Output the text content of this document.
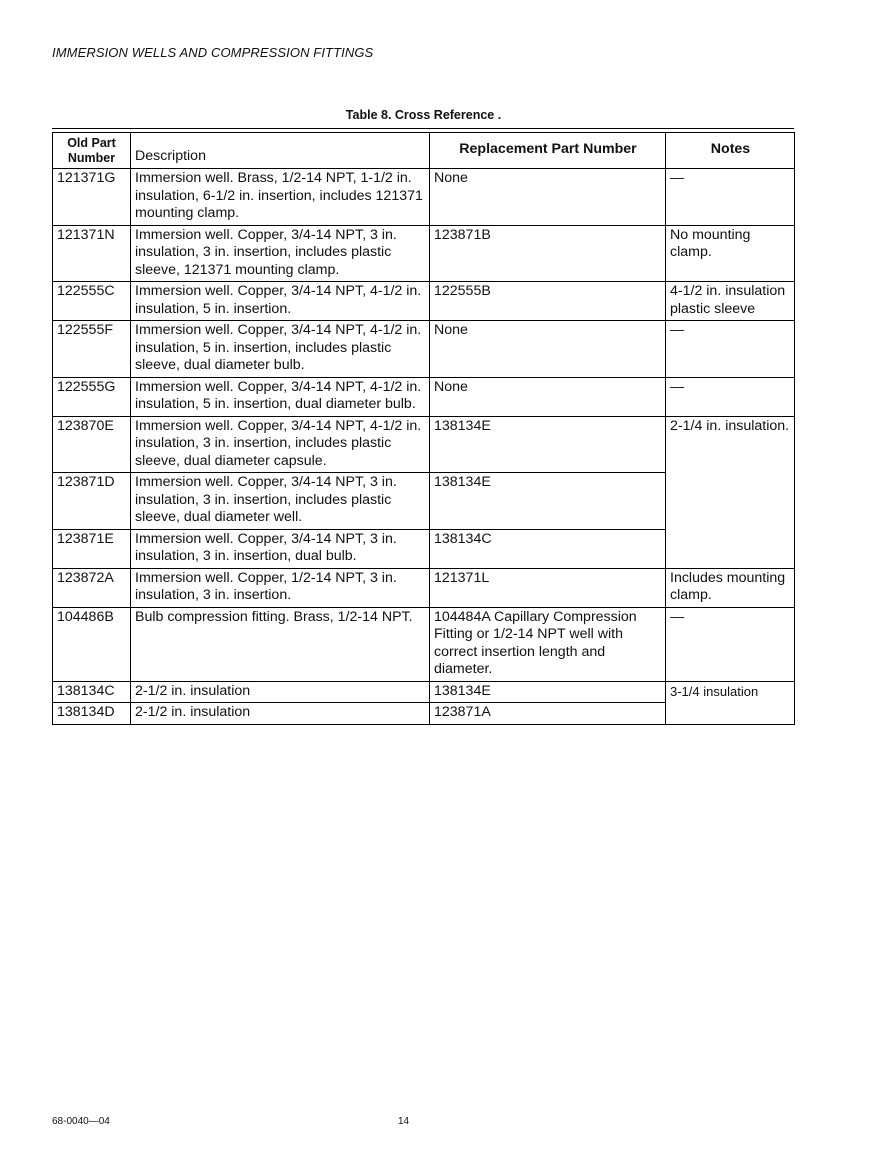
IMMERSION WELLS AND COMPRESSION FITTINGS
Table 8. Cross Reference .
Old Part
Number	Description	Replacement Part Number	Notes
121371G	Immersion well. Brass, 1/2-14 NPT, 1-1/2 in. insulation, 6-1/2 in. insertion, includes 121371 mounting clamp.	None	—
121371N	Immersion well. Copper, 3/4-14 NPT, 3 in. insulation, 3 in. insertion, includes plastic sleeve, 121371 mounting clamp.	123871B	No mounting clamp.
122555C	Immersion well. Copper, 3/4-14 NPT, 4-1/2 in. insulation, 5 in. insertion.	122555B	4-1/2 in. insulation plastic sleeve
122555F	Immersion well. Copper, 3/4-14 NPT, 4-1/2 in. insulation, 5 in. insertion, includes plastic sleeve, dual diameter bulb.	None	—
122555G	Immersion well. Copper, 3/4-14 NPT, 4-1/2 in. insulation, 5 in. insertion, dual diameter bulb.	None	—
123870E	Immersion well. Copper, 3/4-14 NPT, 4-1/2 in. insulation, 3 in. insertion, includes plastic sleeve, dual diameter capsule.	138134E	2-1/4 in. insulation.
123871D	Immersion well. Copper, 3/4-14 NPT, 3 in. insulation, 3 in. insertion, includes plastic sleeve, dual diameter well.	138134E	
123871E	Immersion well. Copper, 3/4-14 NPT, 3 in. insulation, 3 in. insertion, dual bulb.	138134C	
123872A	Immersion well. Copper, 1/2-14 NPT, 3 in. insulation, 3 in. insertion.	121371L	Includes mounting clamp.
104486B	Bulb compression fitting. Brass, 1/2-14 NPT.	104484A Capillary Compression Fitting or 1/2-14 NPT well with correct insertion length and diameter.	—
138134C	2-1/2 in. insulation	138134E	3-1/4 insulation
138134D	2-1/2 in. insulation	123871A	
68-0040—04	14
